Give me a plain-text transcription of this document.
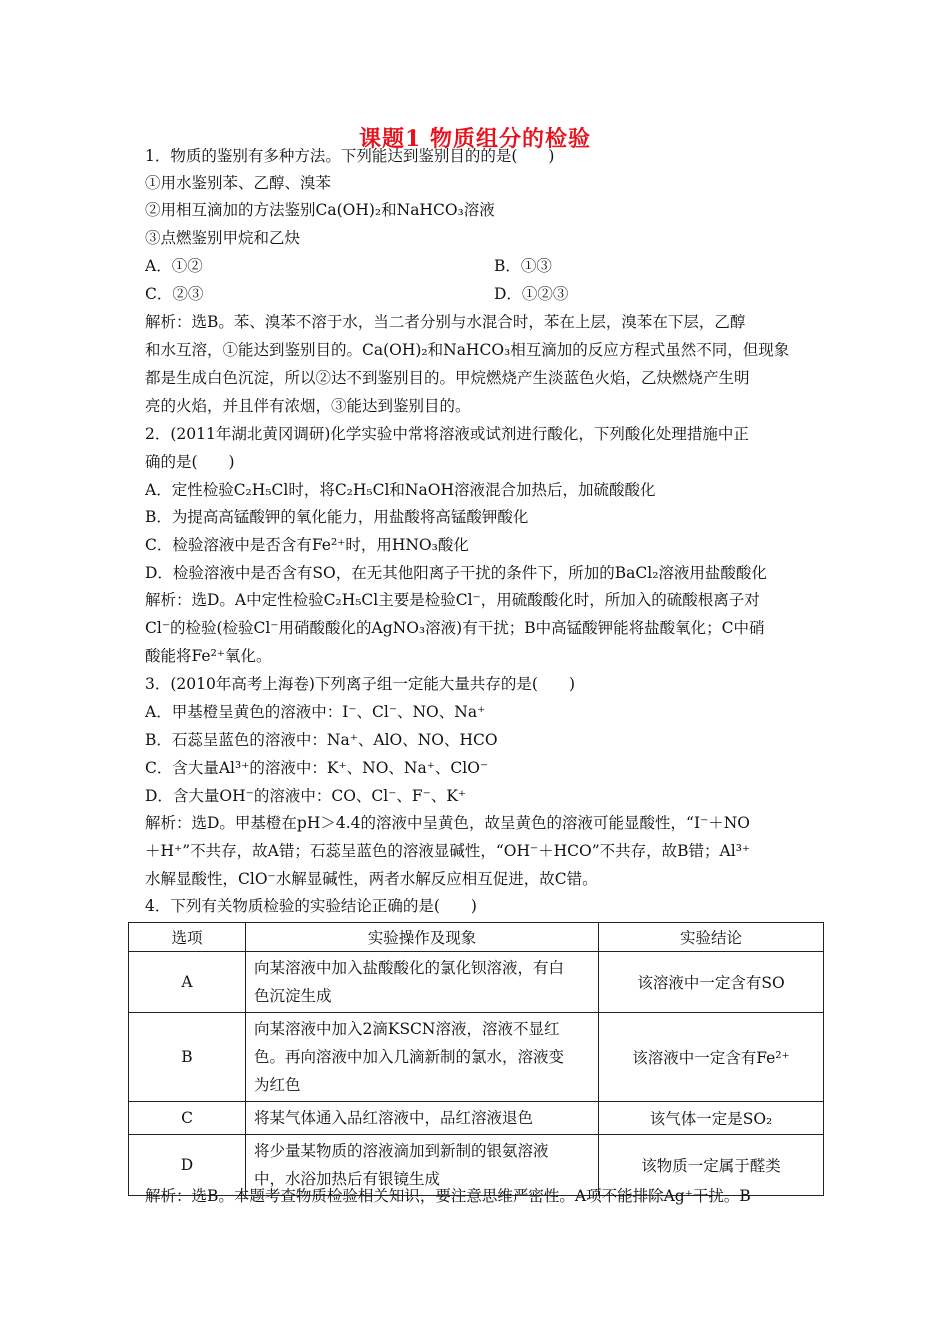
课题1 物质组分的检验
1．物质的鉴别有多种方法。下列能达到鉴别目的的是(　　)
①用水鉴别苯、乙醇、溴苯
②用相互滴加的方法鉴别Ca(OH)₂和NaHCO₃溶液
③点燃鉴别甲烷和乙炔
A．①②	B．①③
C．②③	D．①②③
解析：选B。苯、溴苯不溶于水，当二者分别与水混合时，苯在上层，溴苯在下层，乙醇
和水互溶，①能达到鉴别目的。Ca(OH)₂和NaHCO₃相互滴加的反应方程式虽然不同，但现象
都是生成白色沉淀，所以②达不到鉴别目的。甲烷燃烧产生淡蓝色火焰，乙炔燃烧产生明
亮的火焰，并且伴有浓烟，③能达到鉴别目的。
2．(2011年湖北黄冈调研)化学实验中常将溶液或试剂进行酸化，下列酸化处理措施中正
确的是(　　)
A．定性检验C₂H₅Cl时，将C₂H₅Cl和NaOH溶液混合加热后，加硫酸酸化
B．为提高高锰酸钾的氧化能力，用盐酸将高锰酸钾酸化
C．检验溶液中是否含有Fe²⁺时，用HNO₃酸化
D．检验溶液中是否含有SO，在无其他阳离子干扰的条件下，所加的BaCl₂溶液用盐酸酸化
解析：选D。A中定性检验C₂H₅Cl主要是检验Cl⁻，用硫酸酸化时，所加入的硫酸根离子对
Cl⁻的检验(检验Cl⁻用硝酸酸化的AgNO₃溶液)有干扰；B中高锰酸钾能将盐酸氧化；C中硝
酸能将Fe²⁺氧化。
3．(2010年高考上海卷)下列离子组一定能大量共存的是(　　)
A．甲基橙呈黄色的溶液中：I⁻、Cl⁻、NO、Na⁺
B．石蕊呈蓝色的溶液中：Na⁺、AlO、NO、HCO
C．含大量Al³⁺的溶液中：K⁺、NO、Na⁺、ClO⁻
D．含大量OH⁻的溶液中：CO、Cl⁻、F⁻、K⁺
解析：选D。甲基橙在pH＞4.4的溶液中呈黄色，故呈黄色的溶液可能显酸性，“I⁻＋NO
＋H⁺”不共存，故A错；石蕊呈蓝色的溶液显碱性，“OH⁻＋HCO”不共存，故B错；Al³⁺
水解显酸性，ClO⁻水解显碱性，两者水解反应相互促进，故C错。
4．下列有关物质检验的实验结论正确的是(　　)
选项	实验操作及现象	实验结论
A	向某溶液中加入盐酸酸化的氯化钡溶液，有白
色沉淀生成	该溶液中一定含有SO
B	向某溶液中加入2滴KSCN溶液，溶液不显红
色。再向溶液中加入几滴新制的氯水，溶液变
为红色	该溶液中一定含有Fe²⁺
C	将某气体通入品红溶液中，品红溶液退色	该气体一定是SO₂
D	将少量某物质的溶液滴加到新制的银氨溶液
中，水浴加热后有银镜生成	该物质一定属于醛类
解析：选B。本题考查物质检验相关知识，要注意思维严密性。A项不能排除Ag⁺干扰。B
